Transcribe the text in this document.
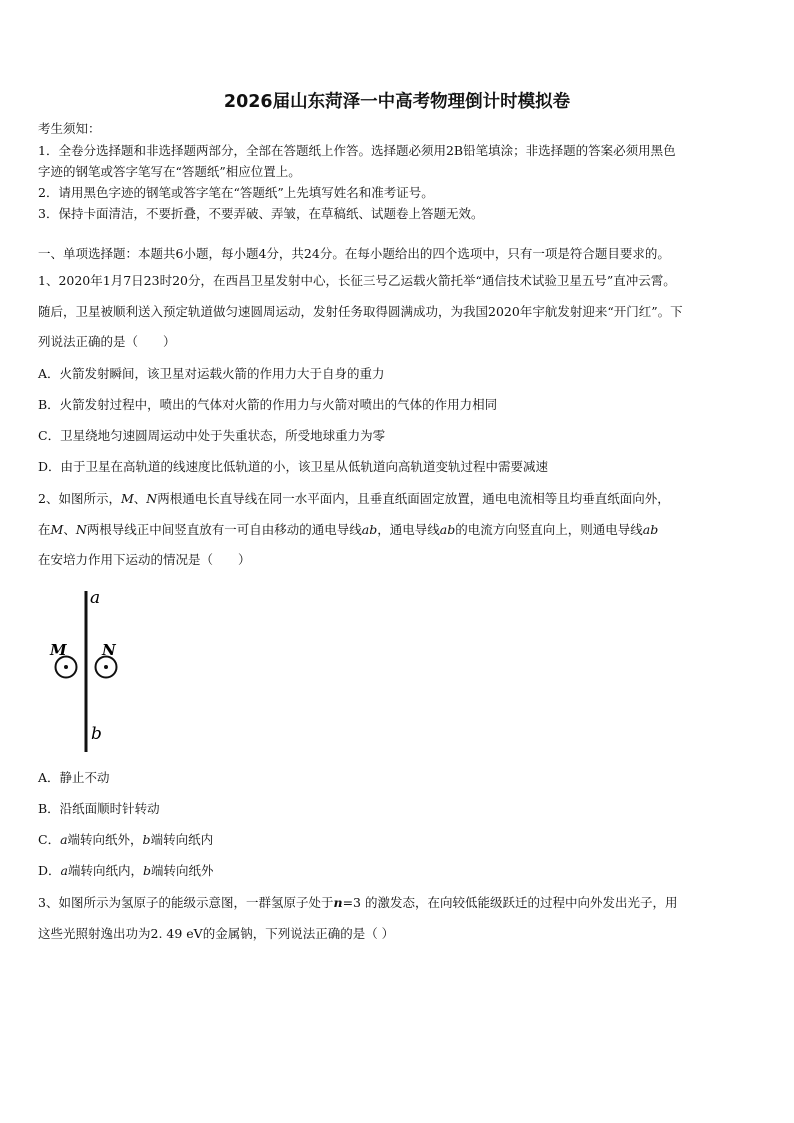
2026届山东菏泽一中高考物理倒计时模拟卷
考生须知：
1．全卷分选择题和非选择题两部分，全部在答题纸上作答。选择题必须用2B铅笔填涂；非选择题的答案必须用黑色
字迹的钢笔或答字笔写在“答题纸”相应位置上。
2．请用黑色字迹的钢笔或答字笔在“答题纸”上先填写姓名和准考证号。
3．保持卡面清洁，不要折叠，不要弄破、弄皱，在草稿纸、试题卷上答题无效。
一、单项选择题：本题共6小题，每小题4分，共24分。在每小题给出的四个选项中，只有一项是符合题目要求的。
1、2020年1月7日23时20分，在西昌卫星发射中心，长征三号乙运载火箭托举“通信技术试验卫星五号”直冲云霄。
随后，卫星被顺利送入预定轨道做匀速圆周运动，发射任务取得圆满成功，为我国2020年宇航发射迎来“开门红”。下
列说法正确的是（　　）
A．火箭发射瞬间，该卫星对运载火箭的作用力大于自身的重力
B．火箭发射过程中，喷出的气体对火箭的作用力与火箭对喷出的气体的作用力相同
C．卫星绕地匀速圆周运动中处于失重状态，所受地球重力为零
D．由于卫星在高轨道的线速度比低轨道的小，该卫星从低轨道向高轨道变轨过程中需要减速
2、如图所示，M、N两根通电长直导线在同一水平面内，且垂直纸面固定放置，通电电流相等且均垂直纸面向外，
在M、N两根导线正中间竖直放有一可自由移动的通电导线ab，通电导线ab的电流方向竖直向上，则通电导线ab
在安培力作用下运动的情况是（　　）
a
b
M N
A．静止不动
B．沿纸面顺时针转动
C．a端转向纸外，b端转向纸内
D．a端转向纸内，b端转向纸外
3、如图所示为氢原子的能级示意图，一群氢原子处于n=3 的激发态，在向较低能级跃迁的过程中向外发出光子，用
这些光照射逸出功为2. 49 eV的金属钠，下列说法正确的是（ ）
